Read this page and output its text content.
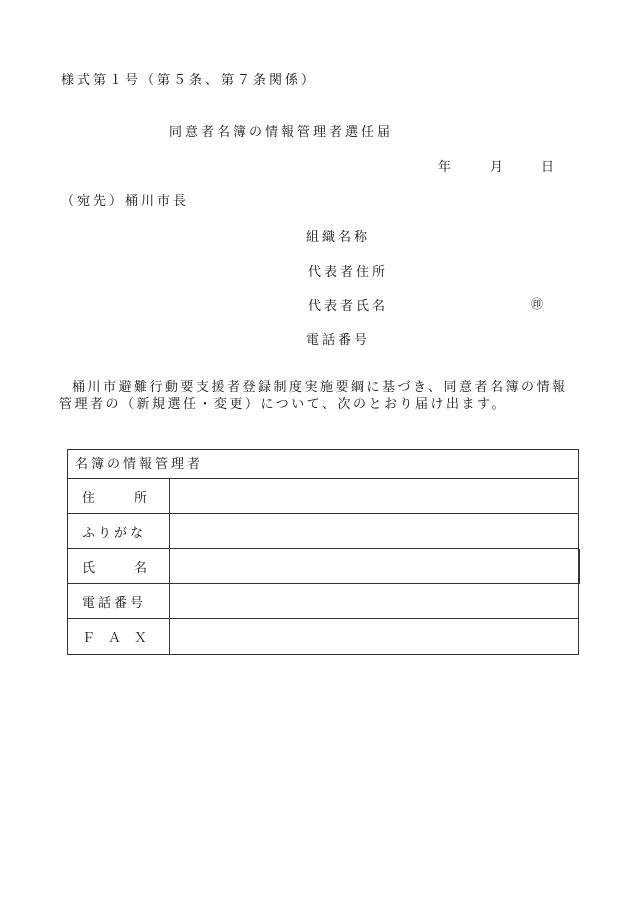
様式第１号（第５条、第７条関係）
同意者名簿の情報管理者選任届
年	月	日
（宛先）桶川市長
組織名称
代表者住所
代表者氏名	㊞
電話番号

桶川市避難行動要支援者登録制度実施要綱に基づき、同意者名簿の情報管理者の（新規選任・変更）について、次のとおり届け出ます。

名簿の情報管理者
住所
ふりがな
氏名
電話番号
ＦＡＸ
